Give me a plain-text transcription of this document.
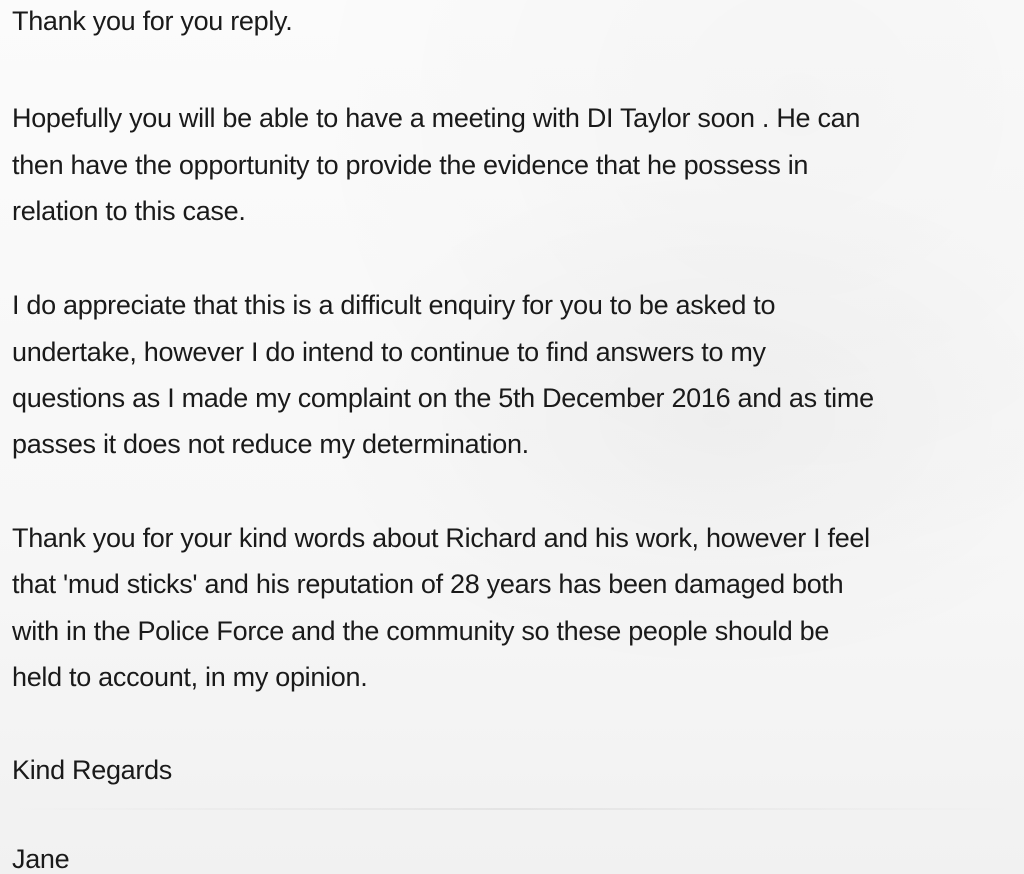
Thank you for you reply.
Hopefully you will be able to have a meeting with DI Taylor soon . He can
then have the opportunity to provide the evidence that he possess in
relation to this case.
I do appreciate that this is a difficult enquiry for you to be asked to
undertake, however I do intend to continue to find answers to my
questions as I made my complaint on the 5th December 2016 and as time
passes it does not reduce my determination.
Thank you for your kind words about Richard and his work, however I feel
that 'mud sticks' and his reputation of 28 years has been damaged both
with in the Police Force and the community so these people should be
held to account, in my opinion.
Kind Regards
Jane
